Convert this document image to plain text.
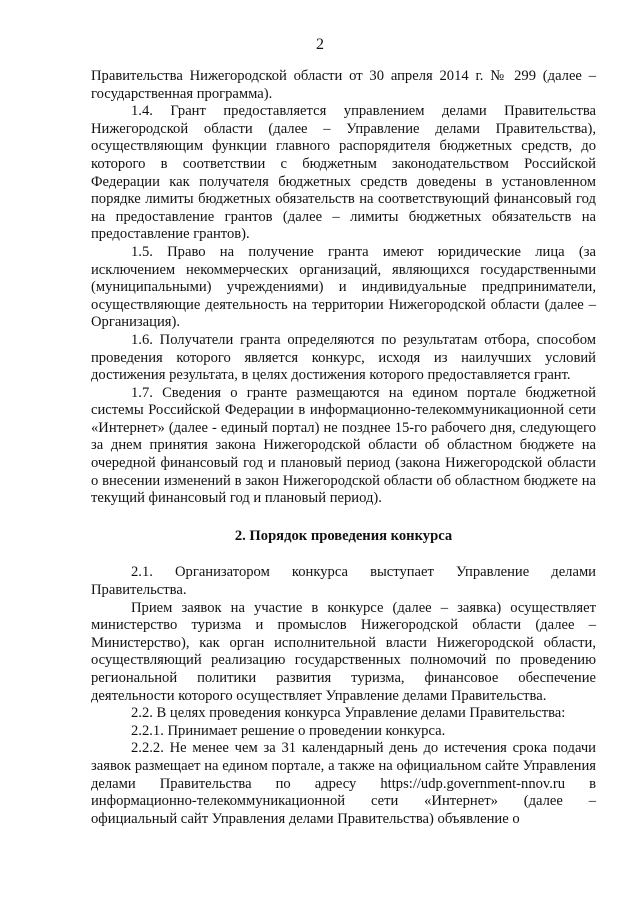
2

Правительства Нижегородской области от 30 апреля 2014 г. № 299 (далее – государственная программа).

1.4. Грант предоставляется управлением делами Правительства Нижегородской области (далее – Управление делами Правительства), осуществляющим функции главного распорядителя бюджетных средств, до которого в соответствии с бюджетным законодательством Российской Федерации как получателя бюджетных средств доведены в установленном порядке лимиты бюджетных обязательств на соответствующий финансовый год на предоставление грантов (далее – лимиты бюджетных обязательств на предоставление грантов).

1.5. Право на получение гранта имеют юридические лица (за исключением некоммерческих организаций, являющихся государственными (муниципальными) учреждениями) и индивидуальные предприниматели, осуществляющие деятельность на территории Нижегородской области (далее – Организация).

1.6. Получатели гранта определяются по результатам отбора, способом проведения которого является конкурс, исходя из наилучших условий достижения результата, в целях достижения которого предоставляется грант.

1.7. Сведения о гранте размещаются на едином портале бюджетной системы Российской Федерации в информационно-телекоммуникационной сети «Интернет» (далее - единый портал) не позднее 15-го рабочего дня, следующего за днем принятия закона Нижегородской области об областном бюджете на очередной финансовый год и плановый период (закона Нижегородской области о внесении изменений в закон Нижегородской области об областном бюджете на текущий финансовый год и плановый период).

2. Порядок проведения конкурса

2.1. Организатором конкурса выступает Управление делами Правительства.

Прием заявок на участие в конкурсе (далее – заявка) осуществляет министерство туризма и промыслов Нижегородской области (далее – Министерство), как орган исполнительной власти Нижегородской области, осуществляющий реализацию государственных полномочий по проведению региональной политики развития туризма, финансовое обеспечение деятельности которого осуществляет Управление делами Правительства.

2.2. В целях проведения конкурса Управление делами Правительства:

2.2.1. Принимает решение о проведении конкурса.

2.2.2. Не менее чем за 31 календарный день до истечения срока подачи заявок размещает на едином портале, а также на официальном сайте Управления делами Правительства по адресу https://udp.government-nnov.ru в информационно-телекоммуникационной сети «Интернет» (далее – официальный сайт Управления делами Правительства) объявление о
